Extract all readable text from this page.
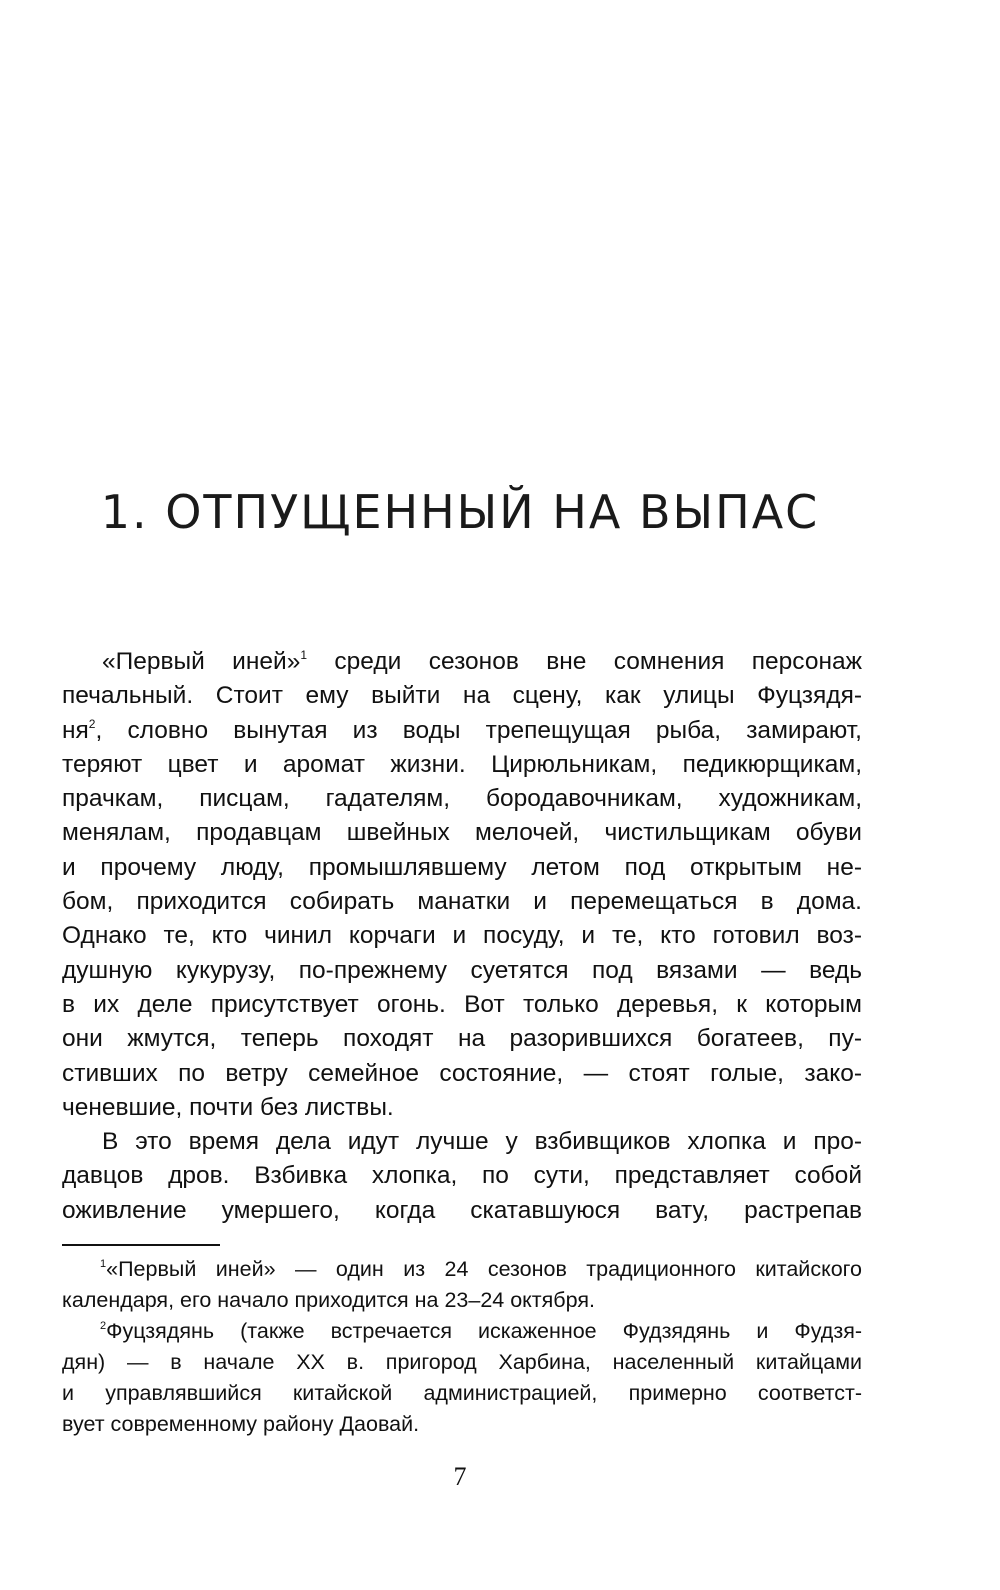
1. ОТПУЩЕННЫЙ НА ВЫПАС
«Первый иней»$^1$ среди сезонов вне сомнения персонаж
печальный. Стоит ему выйти на сцену, как улицы Фуцзядя-
$ня^2$, словно вынутая из воды трепещущая рыба, замирают,
теряют цвет и аромат жизни. Цирюльникам, педикюрщикам,
прачкам, писцам, гадателям, бородавочникам, художникам,
менялам, продавцам швейных мелочей, чистильщикам обуви
и прочему люду, промышлявшему летом под открытым не-
бом, приходится собирать манатки и перемещаться в дома.
Однако те, кто чинил корчаги и посуду, и те, кто готовил воз-
душную кукурузу, по-прежнему суетятся под вязами — ведь
в их деле присутствует огонь. Вот только деревья, к которым
они жмутся, теперь походят на разорившихся богатеев, пу-
стивших по ветру семейное состояние, — стоят голые, зако-
ченевшие, почти без листвы.
В это время дела идут лучше у взбивщиков хлопка и про-
давцов дров. Взбивка хлопка, по сути, представляет собой
оживление умершего, когда скатавшуюся вату, растрепав
$^1$«Первый иней» — один из 24 сезонов традиционного китайского
календаря, его начало приходится на 23–24 октября.
$^2$Фуцзядянь (также встречается искаженное Фудзядянь и Фудзя-
дян) — в начале XX в. пригород Харбина, населенный китайцами
и управлявшийся китайской администрацией, примерно соответст-
вует современному району Даовай.
7
